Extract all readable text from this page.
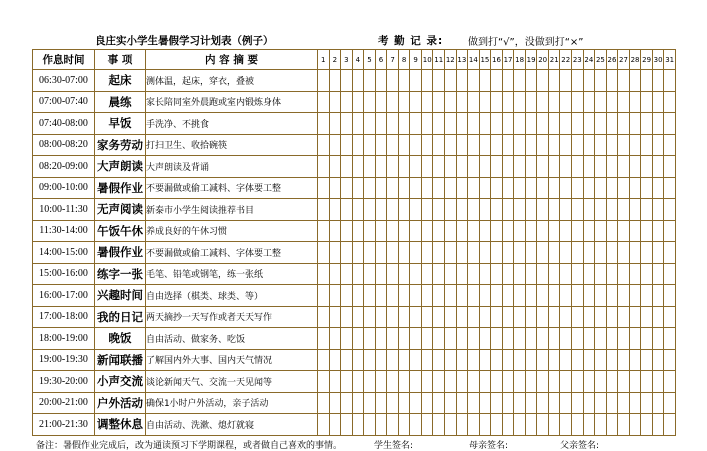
良庄实小学生暑假学习计划表（例子）	考 勤 记 录: 做到打“√”，没做到打“×”
作息时间	事 项	内 容 摘 要	1	2	3	4	5	6	7	8	9	10	11	12	13	14	15	16	17	18	19	20	21	22	23	24	25	26	27	28	29	30	31
06:30-07:00	起床	测体温，起床，穿衣，叠被																															
07:00-07:40	晨练	家长陪同室外晨跑或室内锻炼身体																															
07:40-08:00	早饭	手洗净、不挑食																															
08:00-08:20	家务劳动	打扫卫生、收拾碗筷																															
08:20-09:00	大声朗读	大声朗读及背诵																															
09:00-10:00	暑假作业	不要漏做或偷工减料、字体要工整																															
10:00-11:30	无声阅读	新泰市小学生阅读推荐书目																															
11:30-14:00	午饭午休	养成良好的午休习惯																															
14:00-15:00	暑假作业	不要漏做或偷工减料、字体要工整																															
15:00-16:00	练字一张	毛笔、铅笔或钢笔，练一张纸																															
16:00-17:00	兴趣时间	自由选择（棋类、球类、等）																															
17:00-18:00	我的日记	两天摘抄一天写作或者天天写作																															
18:00-19:00	晚饭	自由活动、做家务、吃饭																															
19:00-19:30	新闻联播	了解国内外大事、国内天气情况																															
19:30-20:00	小声交流	谈论新闻天气、交流一天见闻等																															
20:00-21:00	户外活动	确保1小时户外活动，亲子活动																															
21:00-21:30	调整休息	自由活动、洗漱、熄灯就寝																															
备注：暑假作业完成后，改为通读预习下学期课程，或者做自己喜欢的事情。	学生签名:	母亲签名:	父亲签名:
